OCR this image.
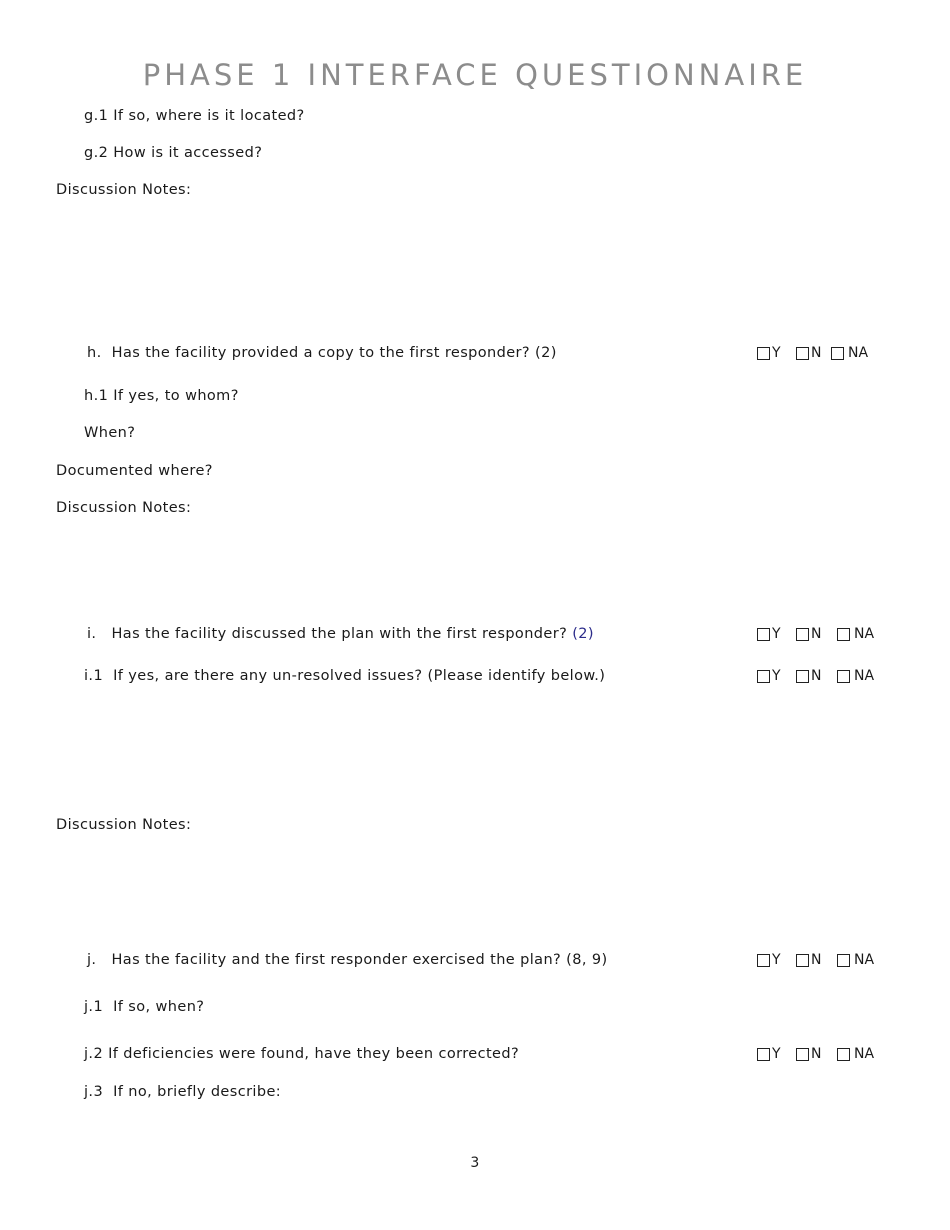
PHASE 1 INTERFACE QUESTIONNAIRE
g.1 If so, where is it located?
g.2 How is it accessed?
Discussion Notes:
h. Has the facility provided a copy to the first responder? (2)	Y N NA
h.1 If yes, to whom?
When?
Documented where?
Discussion Notes:
i. Has the facility discussed the plan with the first responder? (2)	Y N NA
i.1 If yes, are there any un-resolved issues? (Please identify below.)	Y N NA
Discussion Notes:
j. Has the facility and the first responder exercised the plan? (8, 9)	Y N NA
j.1 If so, when?
j.2 If deficiencies were found, have they been corrected?	Y N NA
j.3 If no, briefly describe:
3
